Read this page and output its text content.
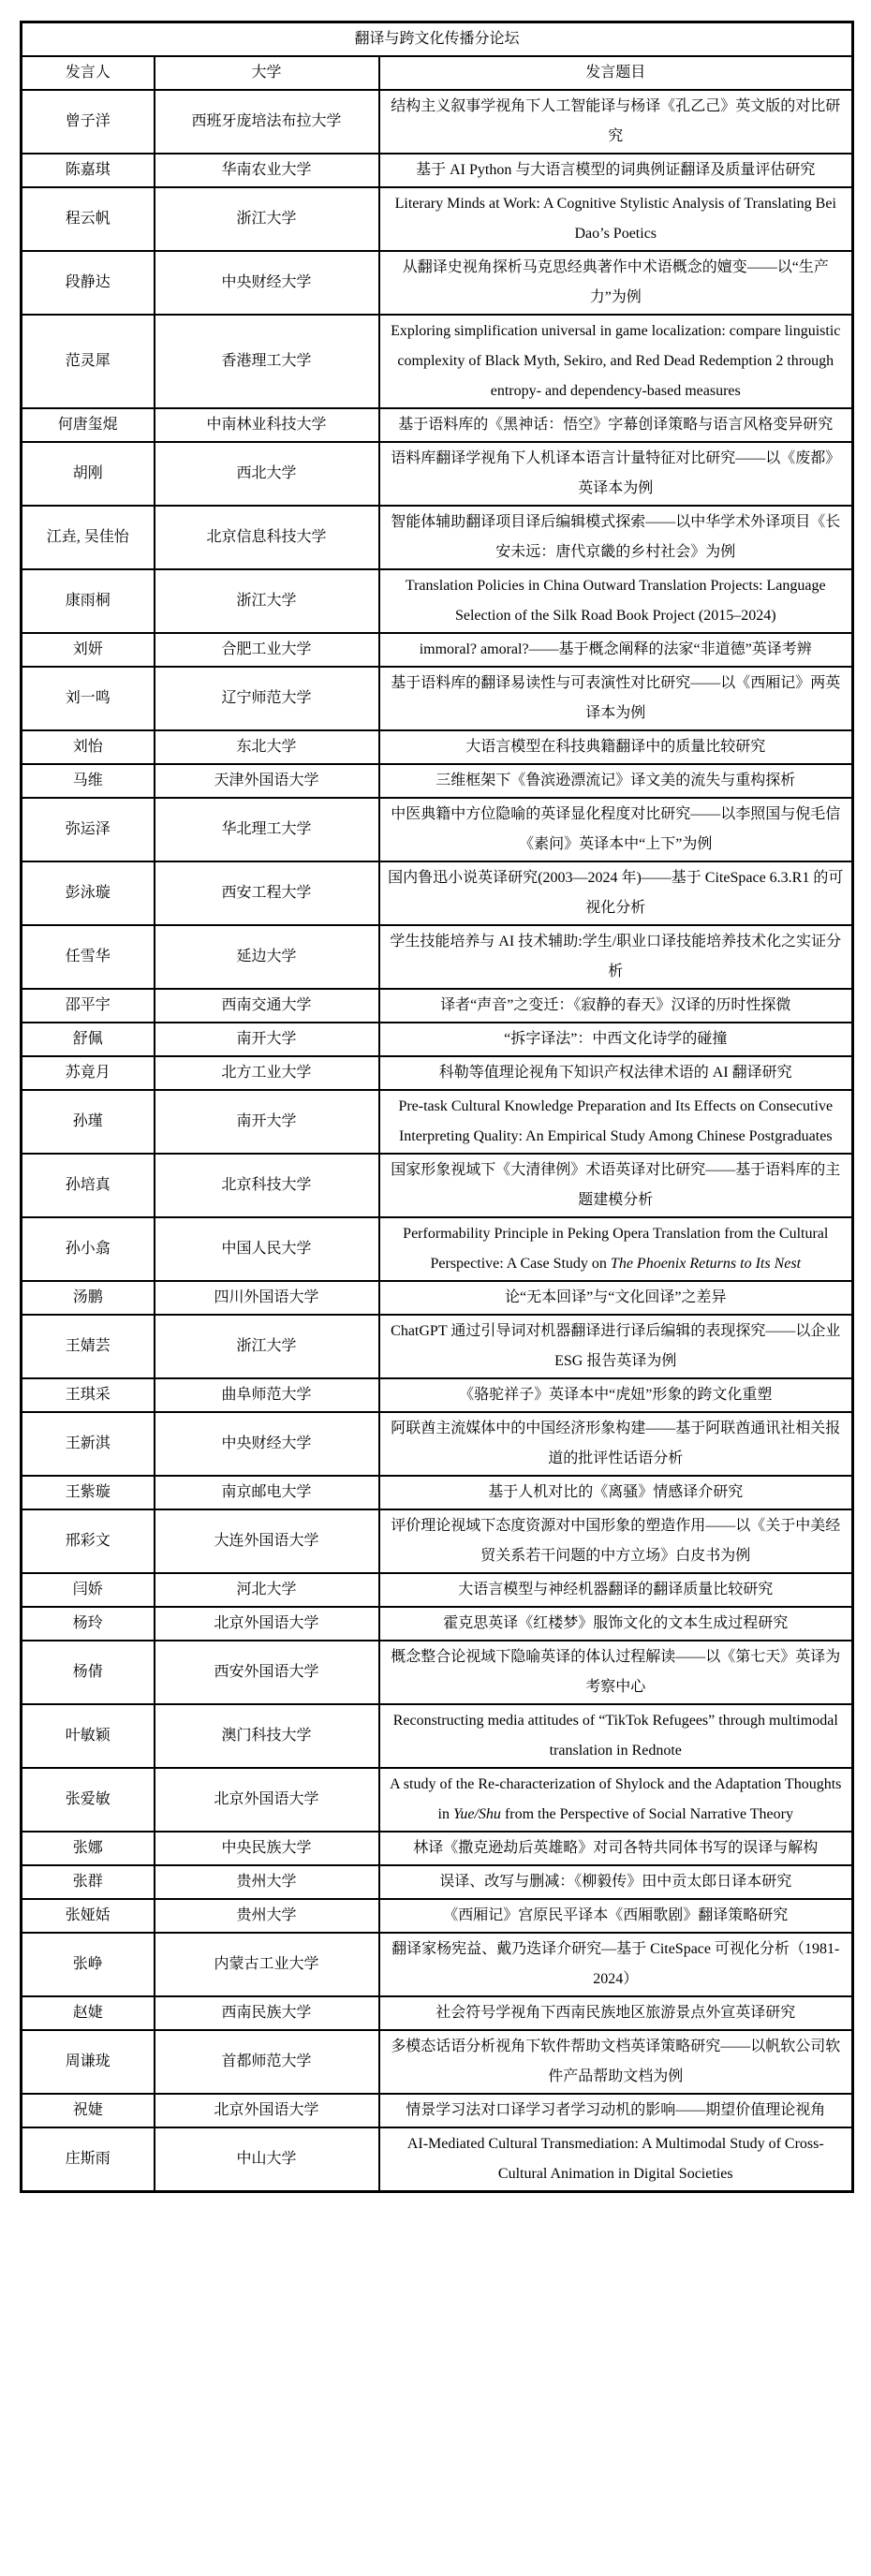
翻译与跨文化传播分论坛		
发言人	大学	发言题目
曾子洋	西班牙庞培法布拉大学	结构主义叙事学视角下人工智能译与杨译《孔乙己》英文版的对比研究
陈嘉琪	华南农业大学	基于 AI Python 与大语言模型的词典例证翻译及质量评估研究
程云帆	浙江大学	Literary Minds at Work: A Cognitive Stylistic Analysis of Translating Bei Dao’s Poetics
段静达	中央财经大学	从翻译史视角探析马克思经典著作中术语概念的嬗变——以“生产力”为例
范灵犀	香港理工大学	Exploring simplification universal in game localization: compare linguistic complexity of Black Myth, Sekiro, and Red Dead Redemption 2 through entropy- and dependency-based measures
何唐玺焜	中南林业科技大学	基于语料库的《黑神话：悟空》字幕创译策略与语言风格变异研究
胡刚	西北大学	语料库翻译学视角下人机译本语言计量特征对比研究——以《废都》英译本为例
江垚, 吴佳怡	北京信息科技大学	智能体辅助翻译项目译后编辑模式探索——以中华学术外译项目《长安未远：唐代京畿的乡村社会》为例
康雨桐	浙江大学	Translation Policies in China Outward Translation Projects: Language Selection of the Silk Road Book Project (2015–2024)
刘妍	合肥工业大学	immoral? amoral?——基于概念阐释的法家“非道德”英译考辨
刘一鸣	辽宁师范大学	基于语料库的翻译易读性与可表演性对比研究——以《西厢记》两英译本为例
刘怡	东北大学	大语言模型在科技典籍翻译中的质量比较研究
马维	天津外国语大学	三维框架下《鲁滨逊漂流记》译文美的流失与重构探析
弥运泽	华北理工大学	中医典籍中方位隐喻的英译显化程度对比研究——以李照国与倪毛信《素问》英译本中“上下”为例
彭泳璇	西安工程大学	国内鲁迅小说英译研究(2003—2024 年)——基于 CiteSpace 6.3.R1 的可视化分析
任雪华	延边大学	学生技能培养与 AI 技术辅助:学生/职业口译技能培养技术化之实证分析
邵平宇	西南交通大学	译者“声音”之变迁：《寂静的春天》汉译的历时性探微
舒佩	南开大学	“拆字译法”：中西文化诗学的碰撞
苏竟月	北方工业大学	科勒等值理论视角下知识产权法律术语的 AI 翻译研究
孙瑾	南开大学	Pre-task Cultural Knowledge Preparation and Its Effects on Consecutive Interpreting Quality: An Empirical Study Among Chinese Postgraduates
孙培真	北京科技大学	国家形象视域下《大清律例》术语英译对比研究——基于语料库的主题建模分析
孙小翕	中国人民大学	Performability Principle in Peking Opera Translation from the Cultural Perspective: A Case Study on The Phoenix Returns to Its Nest
汤鹏	四川外国语大学	论“无本回译”与“文化回译”之差异
王婧芸	浙江大学	ChatGPT 通过引导词对机器翻译进行译后编辑的表现探究——以企业 ESG 报告英译为例
王琪采	曲阜师范大学	《骆驼祥子》英译本中“虎妞”形象的跨文化重塑
王新淇	中央财经大学	阿联酋主流媒体中的中国经济形象构建——基于阿联酋通讯社相关报道的批评性话语分析
王紫璇	南京邮电大学	基于人机对比的《离骚》情感译介研究
邢彩文	大连外国语大学	评价理论视域下态度资源对中国形象的塑造作用——以《关于中美经贸关系若干问题的中方立场》白皮书为例
闫娇	河北大学	大语言模型与神经机器翻译的翻译质量比较研究
杨玲	北京外国语大学	霍克思英译《红楼梦》服饰文化的文本生成过程研究
杨倩	西安外国语大学	概念整合论视域下隐喻英译的体认过程解读——以《第七天》英译为考察中心
叶敏颖	澳门科技大学	Reconstructing media attitudes of “TikTok Refugees” through multimodal translation in Rednote
张爱敏	北京外国语大学	A study of the Re-characterization of Shylock and the Adaptation Thoughts in Yue/Shu from the Perspective of Social Narrative Theory
张娜	中央民族大学	林译《撒克逊劫后英雄略》对司各特共同体书写的误译与解构
张群	贵州大学	误译、改写与删减：《柳毅传》田中贡太郎日译本研究
张娅姡	贵州大学	《西厢记》宫原民平译本《西厢歌剧》翻译策略研究
张峥	内蒙古工业大学	翻译家杨宪益、戴乃迭译介研究—基于 CiteSpace 可视化分析（1981-2024）
赵婕	西南民族大学	社会符号学视角下西南民族地区旅游景点外宣英译研究
周谦珑	首都师范大学	多模态话语分析视角下软件帮助文档英译策略研究——以帆软公司软件产品帮助文档为例
祝婕	北京外国语大学	情景学习法对口译学习者学习动机的影响——期望价值理论视角
庄斯雨	中山大学	AI-Mediated Cultural Transmediation: A Multimodal Study of Cross-Cultural Animation in Digital Societies
